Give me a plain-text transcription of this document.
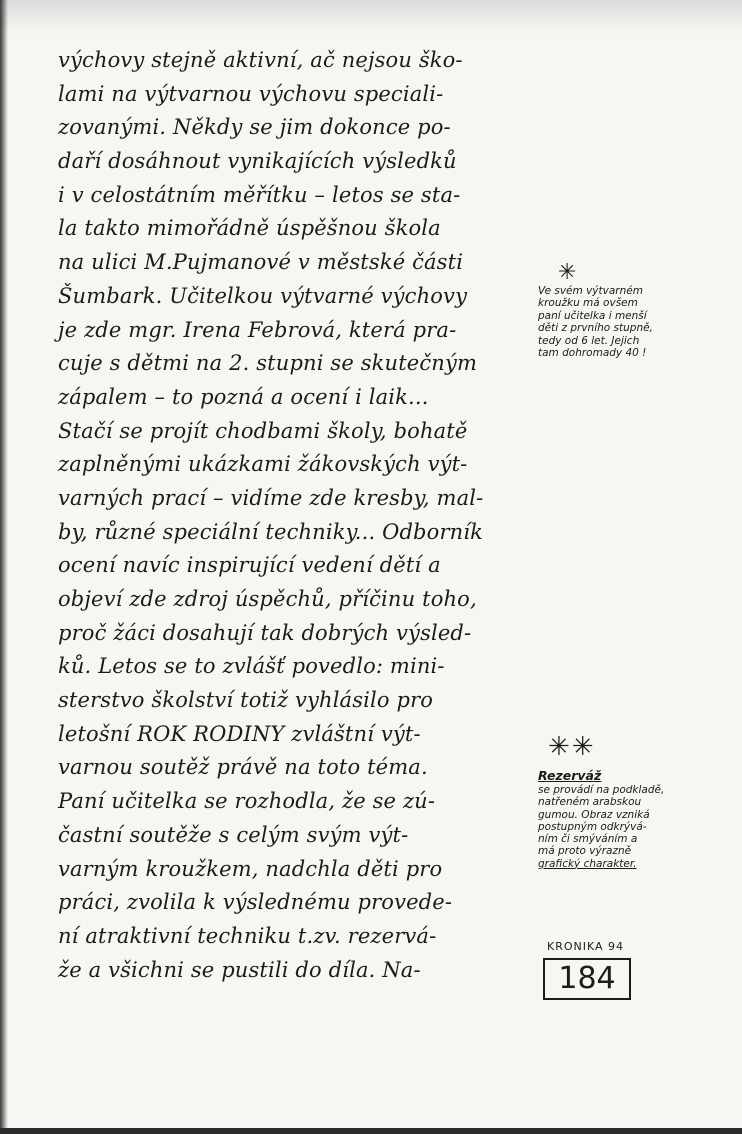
výchovy stejně aktivní, ač nejsou ško-
lami na výtvarnou výchovu speciali-
zovanými. Někdy se jim dokonce po-
daří dosáhnout vynikajících výsledků
i v celostátním měřítku – letos se sta-
la takto mimořádně úspěšnou škola
na ulici M.Pujmanové v městské části
Šumbark. Učitelkou výtvarné výchovy
je zde mgr. Irena Febrová, která pra-
cuje s dětmi na 2. stupni se skutečným
zápalem – to pozná a ocení i laik...
Stačí se projít chodbami školy, bohatě
zaplněnými ukázkami žákovských výt-
varných prací – vidíme zde kresby, mal-
by, různé speciální techniky... Odborník
ocení navíc inspirující vedení dětí a
objeví zde zdroj úspěchů, příčinu toho,
proč žáci dosahují tak dobrých výsled-
ků. Letos se to zvlášť povedlo: mini-
sterstvo školství totiž vyhlásilo pro
letošní ROK RODINY zvláštní výt-
varnou soutěž právě na toto téma.
Paní učitelka se rozhodla, že se zú-
častní soutěže s celým svým výt-
varným kroužkem, nadchla děti pro
práci, zvolila k výslednému provede-
ní atraktivní techniku t.zv. rezervá-
že a všichni se pustili do díla. Na-
✳
Ve svém výtvarném
kroužku má ovšem
paní učitelka i menší
děti z prvního stupně,
tedy od 6 let. Jejich
tam dohromady 40 !
✳✳
Rezerváž
se provádí na podkladě,
natřeném arabskou
gumou. Obraz vzniká
postupným odkrývá-
ním či smýváním a
má proto výrazně
grafický charakter.
KRONIKA 94
184
